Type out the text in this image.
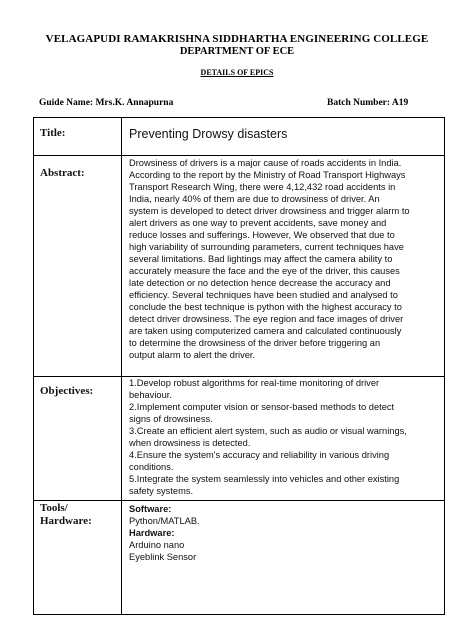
VELAGAPUDI RAMAKRISHNA SIDDHARTHA ENGINEERING COLLEGE
DEPARTMENT OF ECE
DETAILS OF EPICS
Guide Name: Mrs.K. Annapurna	Batch Number: A19
Title:	Preventing Drowsy disasters
Abstract:
Drowsiness of drivers is a major cause of roads accidents in India.
According to the report by the Ministry of Road Transport Highways
Transport Research Wing, there were 4,12,432 road accidents in
India, nearly 40% of them are due to drowsiness of driver. An
system is developed to detect driver drowsiness and trigger alarm to
alert drivers as one way to prevent accidents, save money and
reduce losses and sufferings. However, We observed that due to
high variability of surrounding parameters, current techniques have
several limitations. Bad lightings may affect the camera ability to
accurately measure the face and the eye of the driver, this causes
late detection or no detection hence decrease the accuracy and
efficiency. Several techniques have been studied and analysed to
conclude the best technique is python with the highest accuracy to
detect driver drowsiness. The eye region and face images of driver
are taken using computerized camera and calculated continuously
to determine the drowsiness of the driver before triggering an
output alarm to alert the driver.
Objectives:
1.Develop robust algorithms for real-time monitoring of driver
behaviour.
2.Implement computer vision or sensor-based methods to detect
signs of drowsiness.
3.Create an efficient alert system, such as audio or visual warnings,
when drowsiness is detected.
4.Ensure the system's accuracy and reliability in various driving
conditions.
5.Integrate the system seamlessly into vehicles and other existing
safety systems.
Tools/
Hardware:
Software:
Python/MATLAB.
Hardware:
Arduino nano
Eyeblink Sensor
